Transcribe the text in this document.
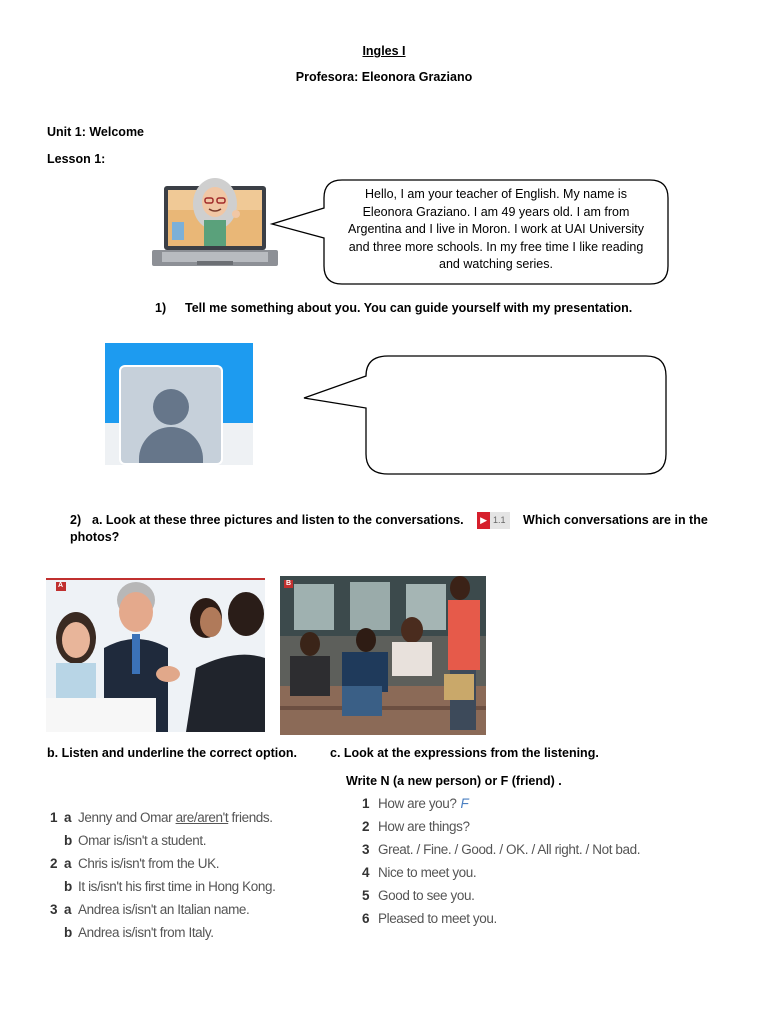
Ingles I
Profesora: Eleonora Graziano
Unit 1: Welcome
Lesson 1:
Hello, I am your teacher of English. My name is Eleonora Graziano. I am 49 years old. I am from Argentina and I live in Moron. I work at UAI University and three more schools. In my free time I like reading and watching series.
1) Tell me something about you. You can guide yourself with my presentation.
2) a. Look at these three pictures and listen to the conversations. ▶ 1.1 Which conversations are in the photos?
A	B
b. Listen and underline the correct option.
1 a Jenny and Omar are/aren't friends.
b Omar is/isn't a student.
2 a Chris is/isn't from the UK.
b It is/isn't his first time in Hong Kong.
3 a Andrea is/isn't an Italian name.
b Andrea is/isn't from Italy.
c. Look at the expressions from the listening.
Write N (a new person) or F (friend) .
1 How are you? F
2 How are things?
3 Great. / Fine. / Good. / OK. / All right. / Not bad.
4 Nice to meet you.
5 Good to see you.
6 Pleased to meet you.
